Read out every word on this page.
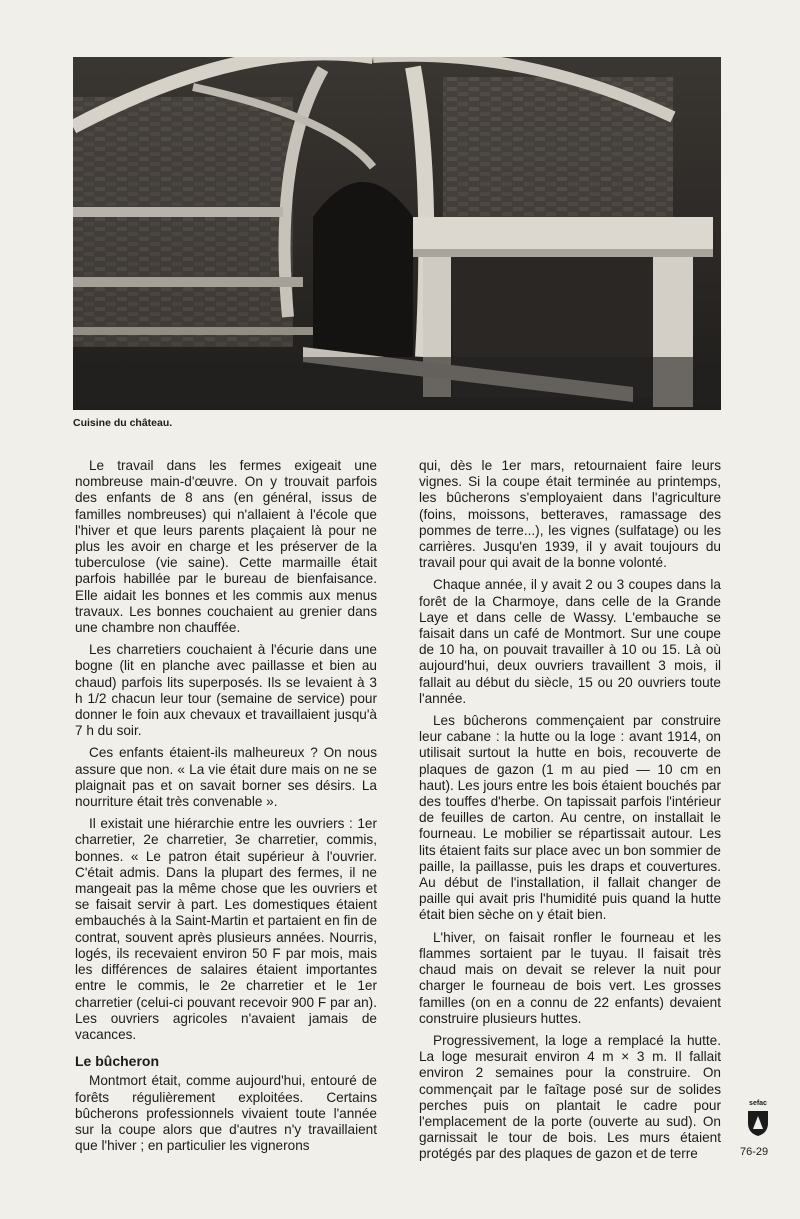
Cuisine du château.

Le travail dans les fermes exigeait une nombreuse main-d'œuvre. On y trouvait parfois des enfants de 8 ans (en général, issus de familles nombreuses) qui n'allaient à l'école que l'hiver et que leurs parents plaçaient là pour ne plus les avoir en charge et les préserver de la tuberculose (vie saine). Cette marmaille était parfois habillée par le bureau de bienfaisance. Elle aidait les bonnes et les commis aux menus travaux. Les bonnes couchaient au grenier dans une chambre non chauffée.

Les charretiers couchaient à l'écurie dans une bogne (lit en planche avec paillasse et bien au chaud) parfois lits superposés. Ils se levaient à 3 h 1/2 chacun leur tour (semaine de service) pour donner le foin aux chevaux et travaillaient jusqu'à 7 h du soir.

Ces enfants étaient-ils malheureux ? On nous assure que non. « La vie était dure mais on ne se plaignait pas et on savait borner ses désirs. La nourriture était très convenable ».

Il existait une hiérarchie entre les ouvriers : 1er charretier, 2e charretier, 3e charretier, commis, bonnes. « Le patron était supérieur à l'ouvrier. C'était admis. Dans la plupart des fermes, il ne mangeait pas la même chose que les ouvriers et se faisait servir à part. Les domestiques étaient embauchés à la Saint-Martin et partaient en fin de contrat, souvent après plusieurs années. Nourris, logés, ils recevaient environ 50 F par mois, mais les différences de salaires étaient importantes entre le commis, le 2e charretier et le 1er charretier (celui-ci pouvant recevoir 900 F par an). Les ouvriers agricoles n'avaient jamais de vacances.

Le bûcheron

Montmort était, comme aujourd'hui, entouré de forêts régulièrement exploitées. Certains bûcherons professionnels vivaient toute l'année sur la coupe alors que d'autres n'y travaillaient que l'hiver ; en particulier les vignerons

qui, dès le 1er mars, retournaient faire leurs vignes. Si la coupe était terminée au printemps, les bûcherons s'employaient dans l'agriculture (foins, moissons, betteraves, ramassage des pommes de terre...), les vignes (sulfatage) ou les carrières. Jusqu'en 1939, il y avait toujours du travail pour qui avait de la bonne volonté.

Chaque année, il y avait 2 ou 3 coupes dans la forêt de la Charmoye, dans celle de la Grande Laye et dans celle de Wassy. L'embauche se faisait dans un café de Montmort. Sur une coupe de 10 ha, on pouvait travailler à 10 ou 15. Là où aujourd'hui, deux ouvriers travaillent 3 mois, il fallait au début du siècle, 15 ou 20 ouvriers toute l'année.

Les bûcherons commençaient par construire leur cabane : la hutte ou la loge : avant 1914, on utilisait surtout la hutte en bois, recouverte de plaques de gazon (1 m au pied — 10 cm en haut). Les jours entre les bois étaient bouchés par des touffes d'herbe. On tapissait parfois l'intérieur de feuilles de carton. Au centre, on installait le fourneau. Le mobilier se répartissait autour. Les lits étaient faits sur place avec un bon sommier de paille, la paillasse, puis les draps et couvertures. Au début de l'installation, il fallait changer de paille qui avait pris l'humidité puis quand la hutte était bien sèche on y était bien.

L'hiver, on faisait ronfler le fourneau et les flammes sortaient par le tuyau. Il faisait très chaud mais on devait se relever la nuit pour charger le fourneau de bois vert. Les grosses familles (on en a connu de 22 enfants) devaient construire plusieurs huttes.

Progressivement, la loge a remplacé la hutte. La loge mesurait environ 4 m × 3 m. Il fallait environ 2 semaines pour la construire. On commençait par le faîtage posé sur de solides perches puis on plantait le cadre pour l'emplacement de la porte (ouverte au sud). On garnissait le tour de bois. Les murs étaient protégés par des plaques de gazon et de terre

sefac
76-29
